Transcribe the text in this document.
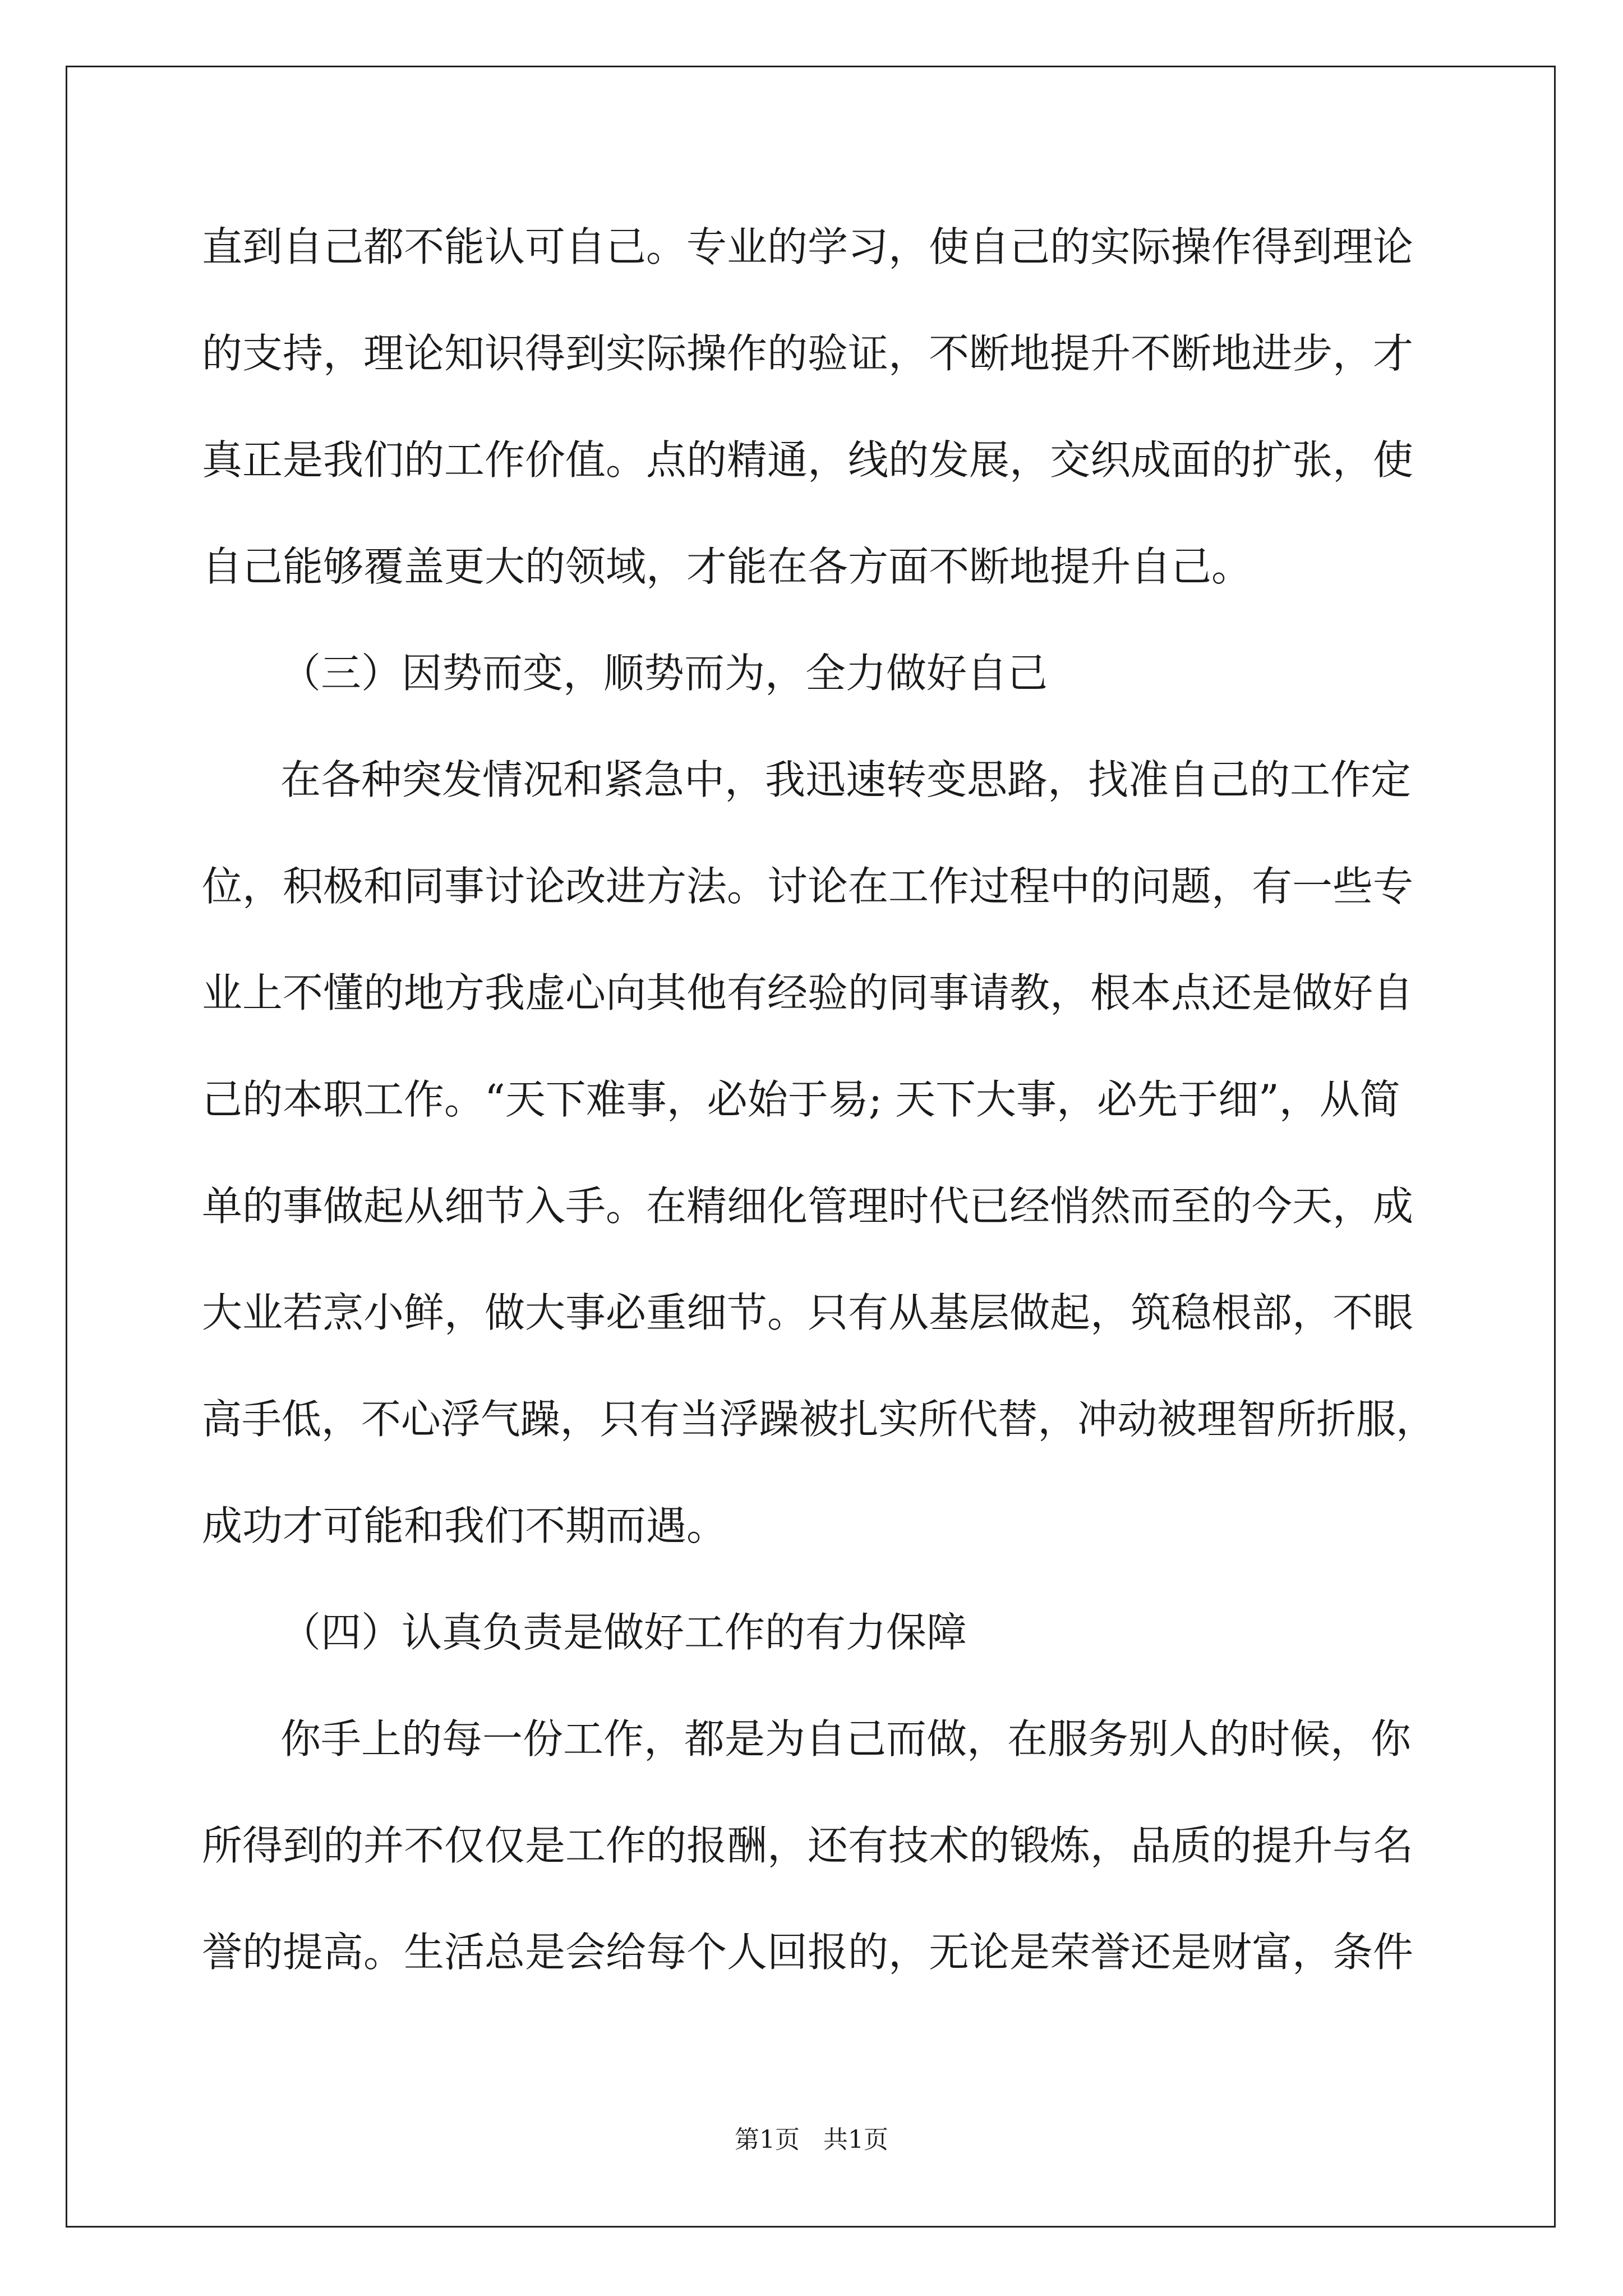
直到自己都不能认可自己。专业的学习，使自己的实际操作得到理论
的支持，理论知识得到实际操作的验证，不断地提升不断地进步，才
真正是我们的工作价值。点的精通，线的发展，交织成面的扩张，使
自己能够覆盖更大的领域，才能在各方面不断地提升自己。
（三）因势而变，顺势而为，全力做好自己
在各种突发情况和紧急中，我迅速转变思路，找准自己的工作定
位，积极和同事讨论改进方法。讨论在工作过程中的问题，有一些专
业上不懂的地方我虚心向其他有经验的同事请教，根本点还是做好自
己的本职工作。“天下难事，必始于易; 天下大事，必先于细”，从简
单的事做起从细节入手。在精细化管理时代已经悄然而至的今天，成
大业若烹小鲜，做大事必重细节。只有从基层做起，筑稳根部，不眼
高手低，不心浮气躁，只有当浮躁被扎实所代替，冲动被理智所折服，
成功才可能和我们不期而遇。
（四）认真负责是做好工作的有力保障
你手上的每一份工作，都是为自己而做，在服务别人的时候，你
所得到的并不仅仅是工作的报酬，还有技术的锻炼，品质的提升与名
誉的提高。生活总是会给每个人回报的，无论是荣誉还是财富，条件
第1页 共1页
